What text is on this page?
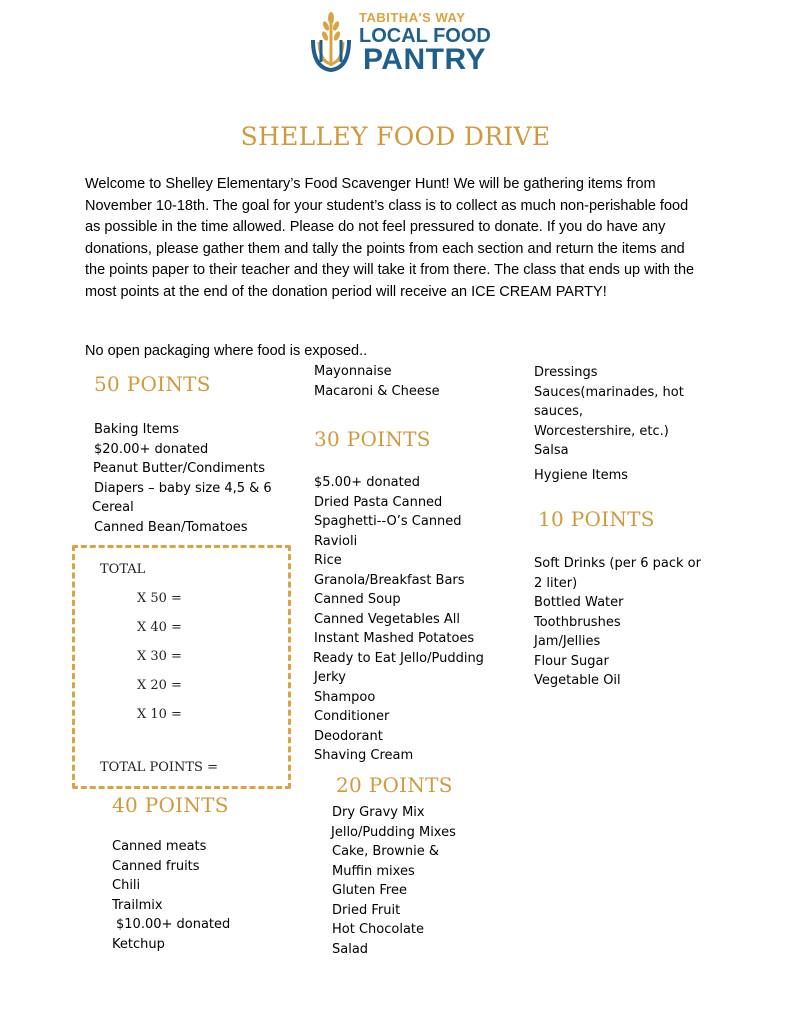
TABITHA'S WAY
LOCAL FOOD
PANTRY
SHELLEY FOOD DRIVE
Welcome to Shelley Elementary’s Food Scavenger Hunt! We will be gathering items from November 10-18th. The goal for your student’s class is to collect as much non-perishable food as possible in the time allowed. Please do not feel pressured to donate. If you do have any donations, please gather them and tally the points from each section and return the items and the points paper to their teacher and they will take it from there. The class that ends up with the most points at the end of the donation period will receive an ICE CREAM PARTY!
No open packaging where food is exposed..
50 POINTS
Baking Items
$20.00+ donated
Peanut Butter/Condiments
Diapers – baby size 4,5 & 6
Cereal
Canned Bean/Tomatoes
TOTAL
X 50 =
X 40 =
X 30 =
X 20 =
X 10 =
TOTAL POINTS =
40 POINTS
Canned meats
Canned fruits
Chili
Trailmix
$10.00+ donated
Ketchup
Mayonnaise
Macaroni & Cheese
30 POINTS
$5.00+ donated
Dried Pasta Canned
Spaghetti--O’s Canned
Ravioli
Rice
Granola/Breakfast Bars
Canned Soup
Canned Vegetables All
Instant Mashed Potatoes
Ready to Eat Jello/Pudding
Jerky
Shampoo
Conditioner
Deodorant
Shaving Cream
20 POINTS
Dry Gravy Mix
Jello/Pudding Mixes
Cake, Brownie &
Muffin mixes
Gluten Free
Dried Fruit
Hot Chocolate
Salad
Dressings
Sauces(marinades, hot
sauces,
Worcestershire, etc.)
Salsa
Hygiene Items
10 POINTS
Soft Drinks (per 6 pack or
2 liter)
Bottled Water
Toothbrushes
Jam/Jellies
Flour Sugar
Vegetable Oil
